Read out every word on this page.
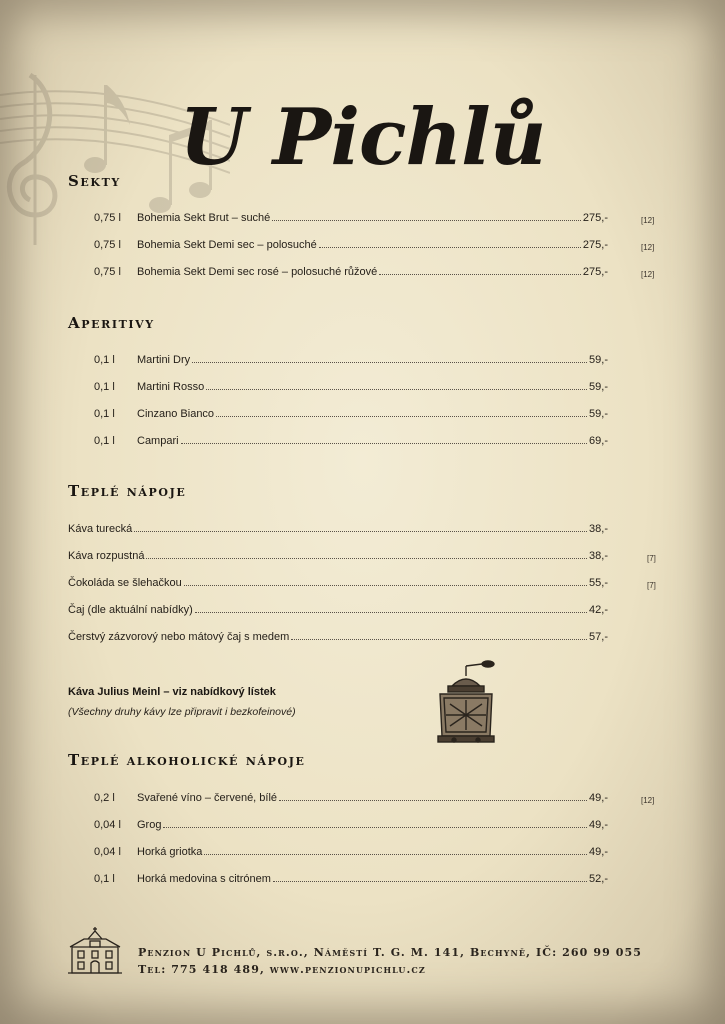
U Pichlů
Sekty
0,75 l	Bohemia Sekt Brut – suché	275,-	[12]
0,75 l	Bohemia Sekt Demi sec – polosuché	275,-	[12]
0,75 l	Bohemia Sekt Demi sec rosé – polosuché růžové	275,-	[12]
Aperitivy
0,1 l	Martini Dry	59,-
0,1 l	Martini Rosso	59,-
0,1 l	Cinzano Bianco	59,-
0,1 l	Campari	69,-
Teplé nápoje
Káva turecká	38,-
Káva rozpustná	38,-	[7]
Čokoláda se šlehačkou	55,-	[7]
Čaj (dle aktuální nabídky)	42,-
Čerstvý zázvorový nebo mátový čaj s medem	57,-
Káva Julius Meinl – viz nabídkový lístek
(Všechny druhy kávy lze připravit i bezkofeinové)
Teplé alkoholické nápoje
0,2 l	Svařené víno – červené, bílé	49,-	[12]
0,04 l	Grog	49,-
0,04 l	Horká griotka	49,-
0,1 l	Horká medovina s citrónem	52,-
Penzion U Pichlů, s.r.o., Náměstí T. G. M. 141, Bechyně, IČ: 260 99 055
Tel: 775 418 489, www.penzionupichlu.cz
